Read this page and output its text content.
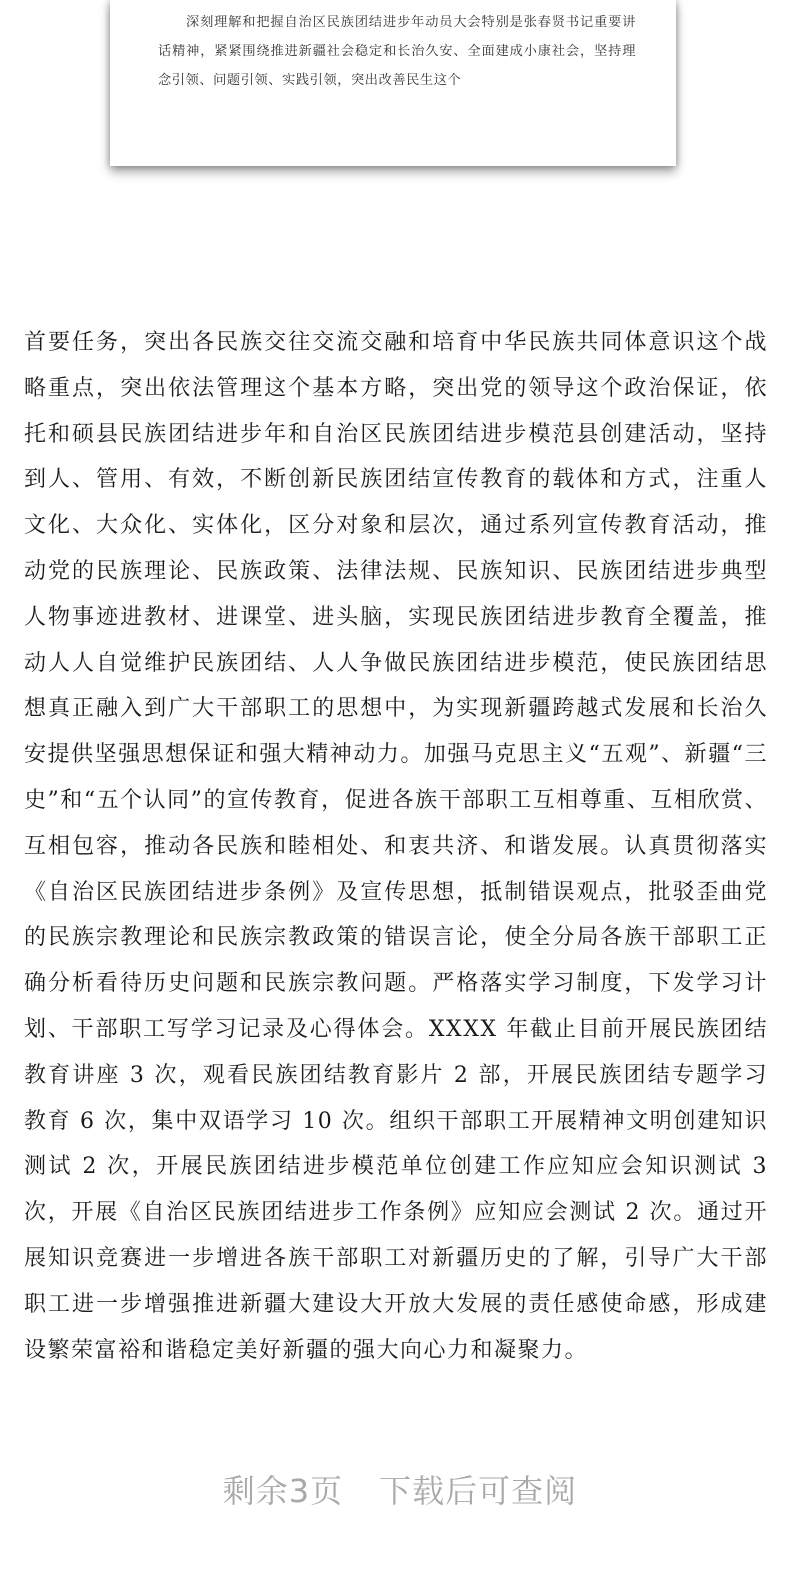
深刻理解和把握自治区民族团结进步年动员大会特别是张春贤书记重要讲话精神，紧紧围绕推进新疆社会稳定和长治久安、全面建成小康社会，坚持理念引领、问题引领、实践引领，突出改善民生这个

首要任务，突出各民族交往交流交融和培育中华民族共同体意识这个战略重点，突出依法管理这个基本方略，突出党的领导这个政治保证，依托和硕县民族团结进步年和自治区民族团结进步模范县创建活动，坚持到人、管用、有效，不断创新民族团结宣传教育的载体和方式，注重人文化、大众化、实体化，区分对象和层次，通过系列宣传教育活动，推动党的民族理论、民族政策、法律法规、民族知识、民族团结进步典型人物事迹进教材、进课堂、进头脑，实现民族团结进步教育全覆盖，推动人人自觉维护民族团结、人人争做民族团结进步模范，使民族团结思想真正融入到广大干部职工的思想中，为实现新疆跨越式发展和长治久安提供坚强思想保证和强大精神动力。加强马克思主义“五观”、新疆“三史”和“五个认同”的宣传教育，促进各族干部职工互相尊重、互相欣赏、互相包容，推动各民族和睦相处、和衷共济、和谐发展。认真贯彻落实《自治区民族团结进步条例》及宣传思想，抵制错误观点，批驳歪曲党的民族宗教理论和民族宗教政策的错误言论，使全分局各族干部职工正确分析看待历史问题和民族宗教问题。严格落实学习制度，下发学习计划、干部职工写学习记录及心得体会。XXXX 年截止目前开展民族团结教育讲座 3 次，观看民族团结教育影片 2 部，开展民族团结专题学习教育 6 次，集中双语学习 10 次。组织干部职工开展精神文明创建知识测试 2 次，开展民族团结进步模范单位创建工作应知应会知识测试 3 次，开展《自治区民族团结进步工作条例》应知应会测试 2 次。通过开展知识竞赛进一步增进各族干部职工对新疆历史的了解，引导广大干部职工进一步增强推进新疆大建设大开放大发展的责任感使命感，形成建设繁荣富裕和谐稳定美好新疆的强大向心力和凝聚力。

剩余3页 下载后可查阅
